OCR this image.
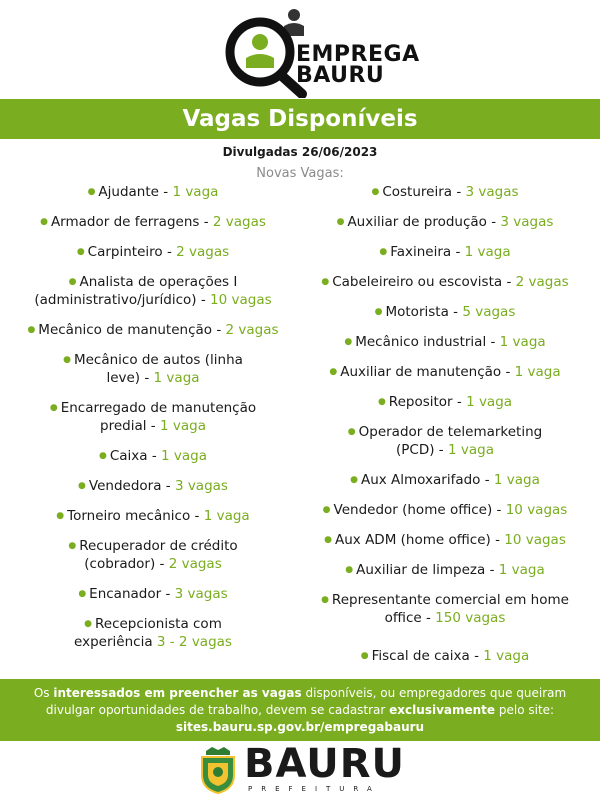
EMPREGA
BAURU
Vagas Disponíveis
Divulgadas 26/06/2023
Novas Vagas:
● Ajudante - 1 vaga
● Armador de ferragens - 2 vagas
● Carpinteiro - 2 vagas
● Analista de operações I (administrativo/jurídico) - 10 vagas
● Mecânico de manutenção - 2 vagas
● Mecânico de autos (linha leve) - 1 vaga
● Encarregado de manutenção predial - 1 vaga
● Caixa - 1 vaga
● Vendedora - 3 vagas
● Torneiro mecânico - 1 vaga
● Recuperador de crédito (cobrador) - 2 vagas
● Encanador - 3 vagas
● Recepcionista com experiência 3 - 2 vagas
● Costureira - 3 vagas
● Auxiliar de produção - 3 vagas
● Faxineira - 1 vaga
● Cabeleireiro ou escovista - 2 vagas
● Motorista - 5 vagas
● Mecânico industrial - 1 vaga
● Auxiliar de manutenção - 1 vaga
● Repositor - 1 vaga
● Operador de telemarketing (PCD) - 1 vaga
● Aux Almoxarifado - 1 vaga
● Vendedor (home office) - 10 vagas
● Aux ADM (home office) - 10 vagas
● Auxiliar de limpeza - 1 vaga
● Representante comercial em home office - 150 vagas
● Fiscal de caixa - 1 vaga
Os interessados em preencher as vagas disponíveis, ou empregadores que queiram divulgar oportunidades de trabalho, devem se cadastrar exclusivamente pelo site: sites.bauru.sp.gov.br/empregabauru
BAURU
PREFEITURA
